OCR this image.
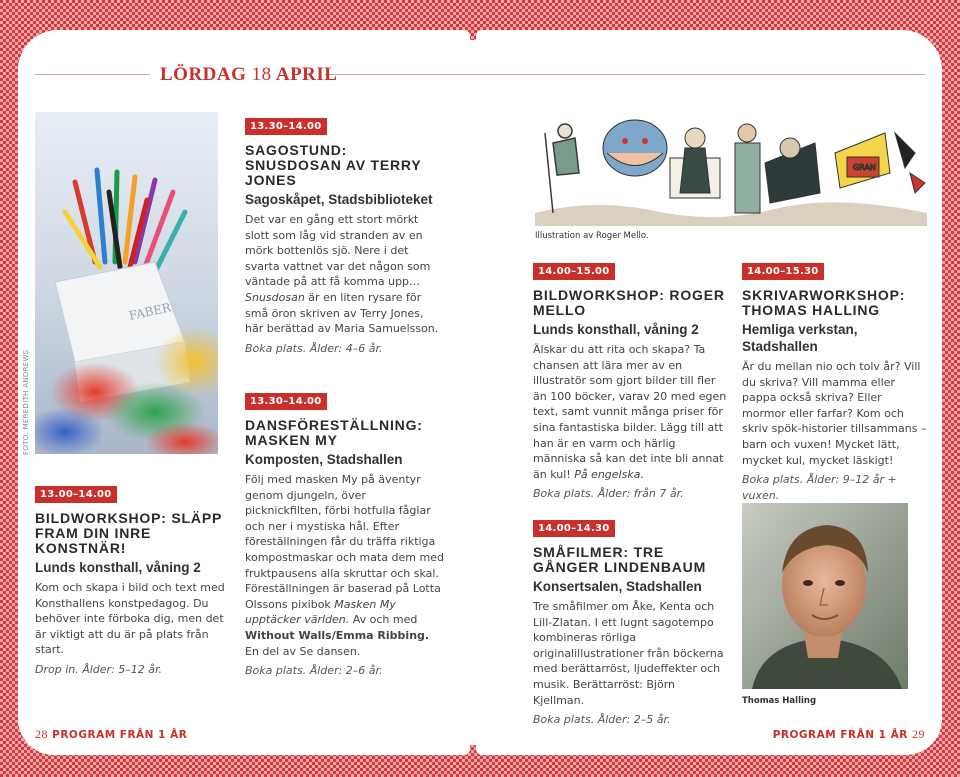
LÖRDAG 18 APRIL
FOTO: MEREDITH ANDREWS
FABER
13.00–14.00
BILDWORKSHOP: SLÄPP FRAM DIN INRE KONSTNÄR!
Lunds konsthall, våning 2

Kom och skapa i bild och text med Konsthallens konstpedagog. Du behöver inte förboka dig, men det är viktigt att du är på plats från start.

Drop in. Ålder: 5–12 år.

13.30–14.00
SAGOSTUND: SNUSDOSAN AV TERRY JONES
Sagoskåpet, Stadsbiblioteket

Det var en gång ett stort mörkt slott som låg vid stranden av en mörk bottenlös sjö. Nere i det svarta vattnet var det någon som väntade på att få komma upp… Snusdosan är en liten rysare för små öron skriven av Terry Jones, här berättad av Maria Samuelsson.

Boka plats. Ålder: 4–6 år.

13.30–14.00
DANSFÖRESTÄLLNING: MASKEN MY
Komposten, Stadshallen

Följ med masken My på äventyr genom djungeln, över picknickfilten, förbi hotfulla fåglar och ner i mystiska hål. Efter föreställningen får du träffa riktiga kompostmaskar och mata dem med fruktpausens alla skruttar och skal. Föreställningen är baserad på Lotta Olssons pixibok Masken My upptäcker världen. Av och med Without Walls/Emma Ribbing.
En del av Se dansen.

Boka plats. Ålder: 2–6 år.

GRAN
Illustration av Roger Mello.
14.00–15.00
BILDWORKSHOP: ROGER MELLO
Lunds konsthall, våning 2

Älskar du att rita och skapa? Ta chansen att lära mer av en illustratör som gjort bilder till fler än 100 böcker, varav 20 med egen text, samt vunnit många priser för sina fantastiska bilder. Lägg till att han är en varm och härlig människa så kan det inte bli annat än kul! På engelska.

Boka plats. Ålder: från 7 år.

14.00–15.30
SKRIVARWORKSHOP: THOMAS HALLING
Hemliga verkstan, Stadshallen

Är du mellan nio och tolv år? Vill du skriva? Vill mamma eller pappa också skriva? Eller mormor eller farfar? Kom och skriv spök-historier tillsammans – barn och vuxen! Mycket lätt, mycket kul, mycket läskigt!

Boka plats. Ålder: 9–12 år + vuxen.

14.00–14.30
SMÅFILMER: TRE GÅNGER LINDENBAUM
Konsertsalen, Stadshallen

Tre småfilmer om Åke, Kenta och Lill-Zlatan. I ett lugnt sagotempo kombineras rörliga originalillustrationer från böckerna med berättarröst, ljudeffekter och musik. Berättarröst: Björn Kjellman.

Boka plats. Ålder: 2–5 år.

Thomas Halling
28 PROGRAM FRÅN 1 ÅR	PROGRAM FRÅN 1 ÅR 29
